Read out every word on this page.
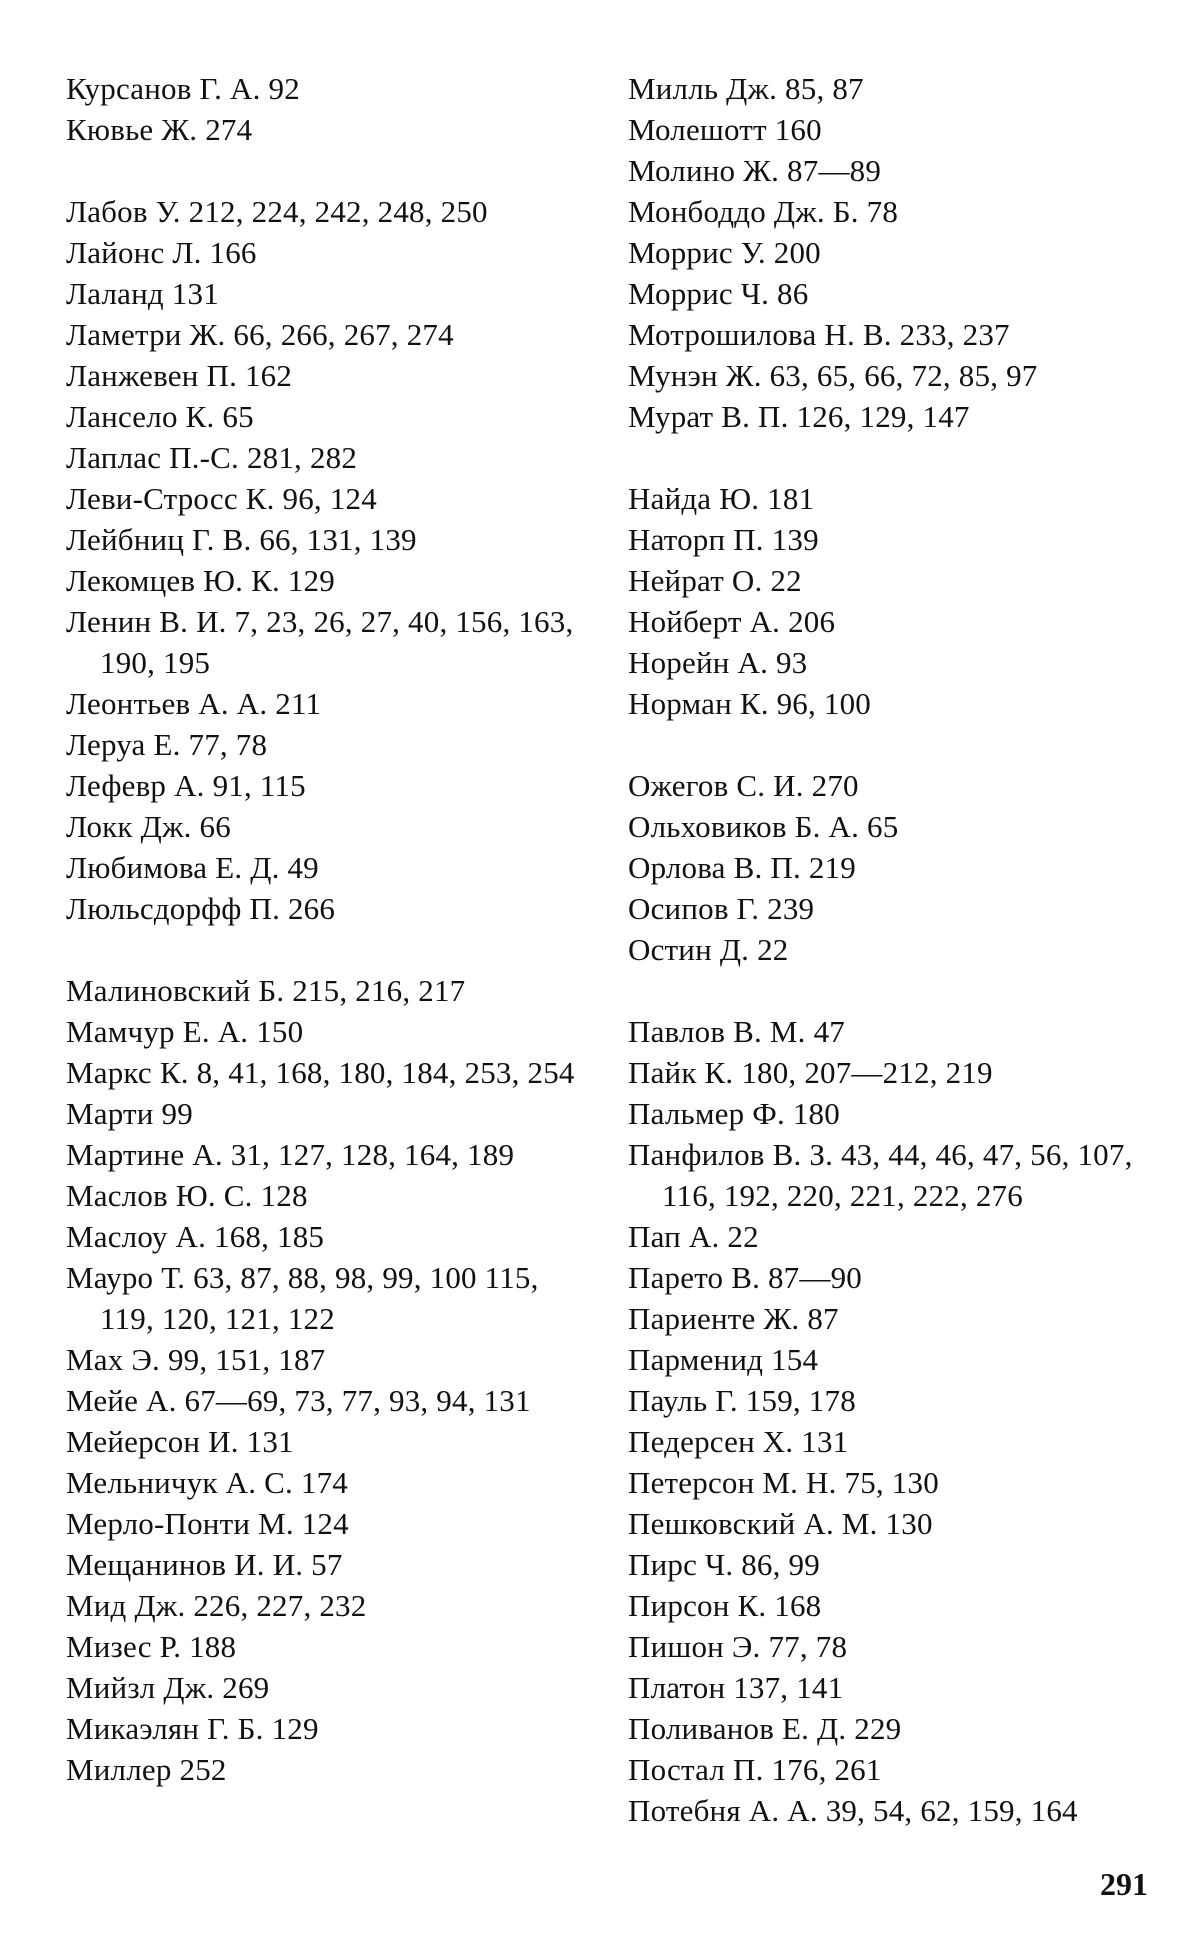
Курсанов Г. А. 92
Кювье Ж. 274
Лабов У. 212, 224, 242, 248, 250
Лайонс Л. 166
Лаланд 131
Ламетри Ж. 66, 266, 267, 274
Ланжевен П. 162
Лансело К. 65
Лаплас П.-С. 281, 282
Леви-Стросс К. 96, 124
Лейбниц Г. В. 66, 131, 139
Лекомцев Ю. К. 129
Ленин В. И. 7, 23, 26, 27, 40, 156, 163, 190, 195
Леонтьев А. А. 211
Леруа Е. 77, 78
Лефевр А. 91, 115
Локк Дж. 66
Любимова Е. Д. 49
Люльсдорфф П. 266
Малиновский Б. 215, 216, 217
Мамчур Е. А. 150
Маркс К. 8, 41, 168, 180, 184, 253, 254
Марти 99
Мартине А. 31, 127, 128, 164, 189
Маслов Ю. С. 128
Маслоу А. 168, 185
Мауро Т. 63, 87, 88, 98, 99, 100 115, 119, 120, 121, 122
Мах Э. 99, 151, 187
Мейе А. 67—69, 73, 77, 93, 94, 131
Мейерсон И. 131
Мельничук А. С. 174
Мерло-Понти М. 124
Мещанинов И. И. 57
Мид Дж. 226, 227, 232
Мизес Р. 188
Мийзл Дж. 269
Микаэлян Г. Б. 129
Миллер 252
Милль Дж. 85, 87
Молешотт 160
Молино Ж. 87—89
Монбоддо Дж. Б. 78
Моррис У. 200
Моррис Ч. 86
Мотрошилова Н. В. 233, 237
Мунэн Ж. 63, 65, 66, 72, 85, 97
Мурат В. П. 126, 129, 147
Найда Ю. 181
Наторп П. 139
Нейрат О. 22
Нойберт А. 206
Норейн А. 93
Норман К. 96, 100
Ожегов С. И. 270
Ольховиков Б. А. 65
Орлова В. П. 219
Осипов Г. 239
Остин Д. 22
Павлов В. М. 47
Пайк К. 180, 207—212, 219
Пальмер Ф. 180
Панфилов В. З. 43, 44, 46, 47, 56, 107, 116, 192, 220, 221, 222, 276
Пап А. 22
Парето В. 87—90
Париенте Ж. 87
Парменид 154
Пауль Г. 159, 178
Педерсен Х. 131
Петерсон М. Н. 75, 130
Пешковский А. М. 130
Пирс Ч. 86, 99
Пирсон К. 168
Пишон Э. 77, 78
Платон 137, 141
Поливанов Е. Д. 229
Постал П. 176, 261
Потебня А. А. 39, 54, 62, 159, 164
291
